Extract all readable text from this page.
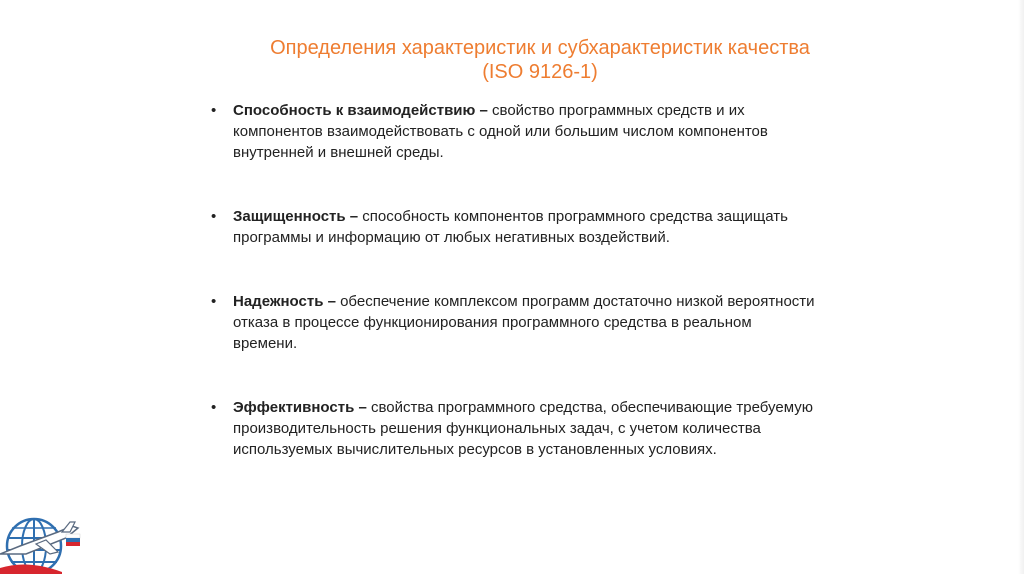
Определения характеристик и субхарактеристик качества
(ISO 9126-1)
• Способность к взаимодействию – свойство программных средств и их компонентов взаимодействовать с одной или большим числом компонентов внутренней и внешней среды.
• Защищенность – способность компонентов программного средства защищать программы и информацию от любых негативных воздействий.
• Надежность – обеспечение комплексом программ достаточно низкой вероятности отказа в процессе функционирования программного средства в реальном времени.
• Эффективность – свойства программного средства, обеспечивающие требуемую производительность решения функциональных задач, с учетом количества используемых вычислительных ресурсов в установленных условиях.
